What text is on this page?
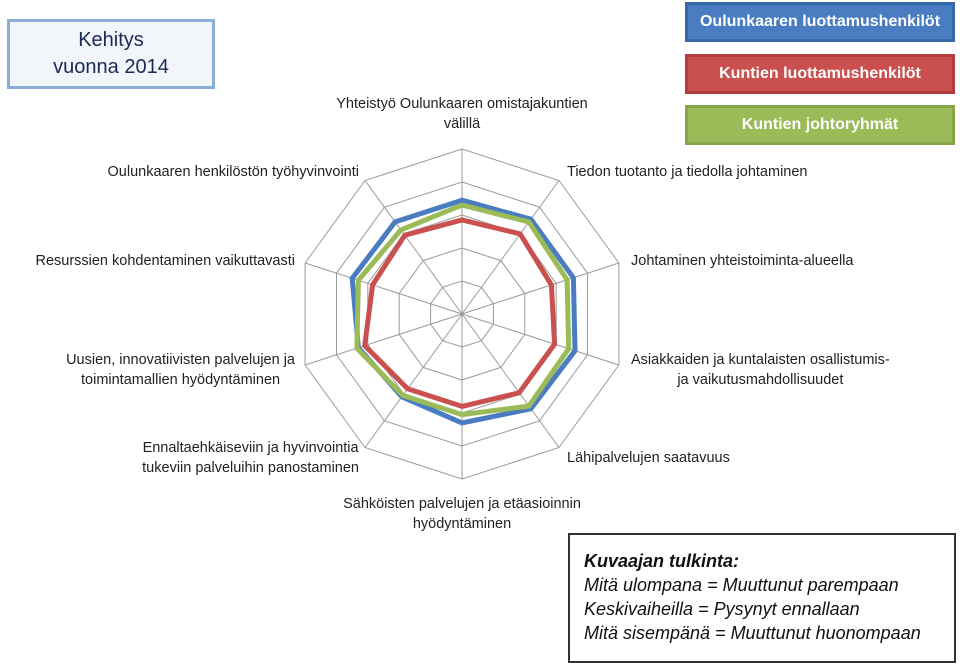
Kehitys
vuonna 2014
Oulunkaaren luottamushenkilöt
Kuntien luottamushenkilöt
Kuntien johtoryhmät
Yhteistyö Oulunkaaren omistajakuntien
välillä
Tiedon tuotanto ja tiedolla johtaminen
Johtaminen yhteistoiminta-alueella
Asiakkaiden ja kuntalaisten osallistumis-
ja vaikutusmahdollisuudet
Lähipalvelujen saatavuus
Sähköisten palvelujen ja etäasioinnin
hyödyntäminen
Ennaltaehkäiseviin ja hyvinvointia
tukeviin palveluihin panostaminen
Uusien, innovatiivisten palvelujen ja
toimintamallien hyödyntäminen
Resurssien kohdentaminen vaikuttavasti
Oulunkaaren henkilöstön työhyvinvointi
Kuvaajan tulkinta:
Mitä ulompana = Muuttunut parempaan
Keskivaiheilla = Pysynyt ennallaan
Mitä sisempänä = Muuttunut huonompaan
